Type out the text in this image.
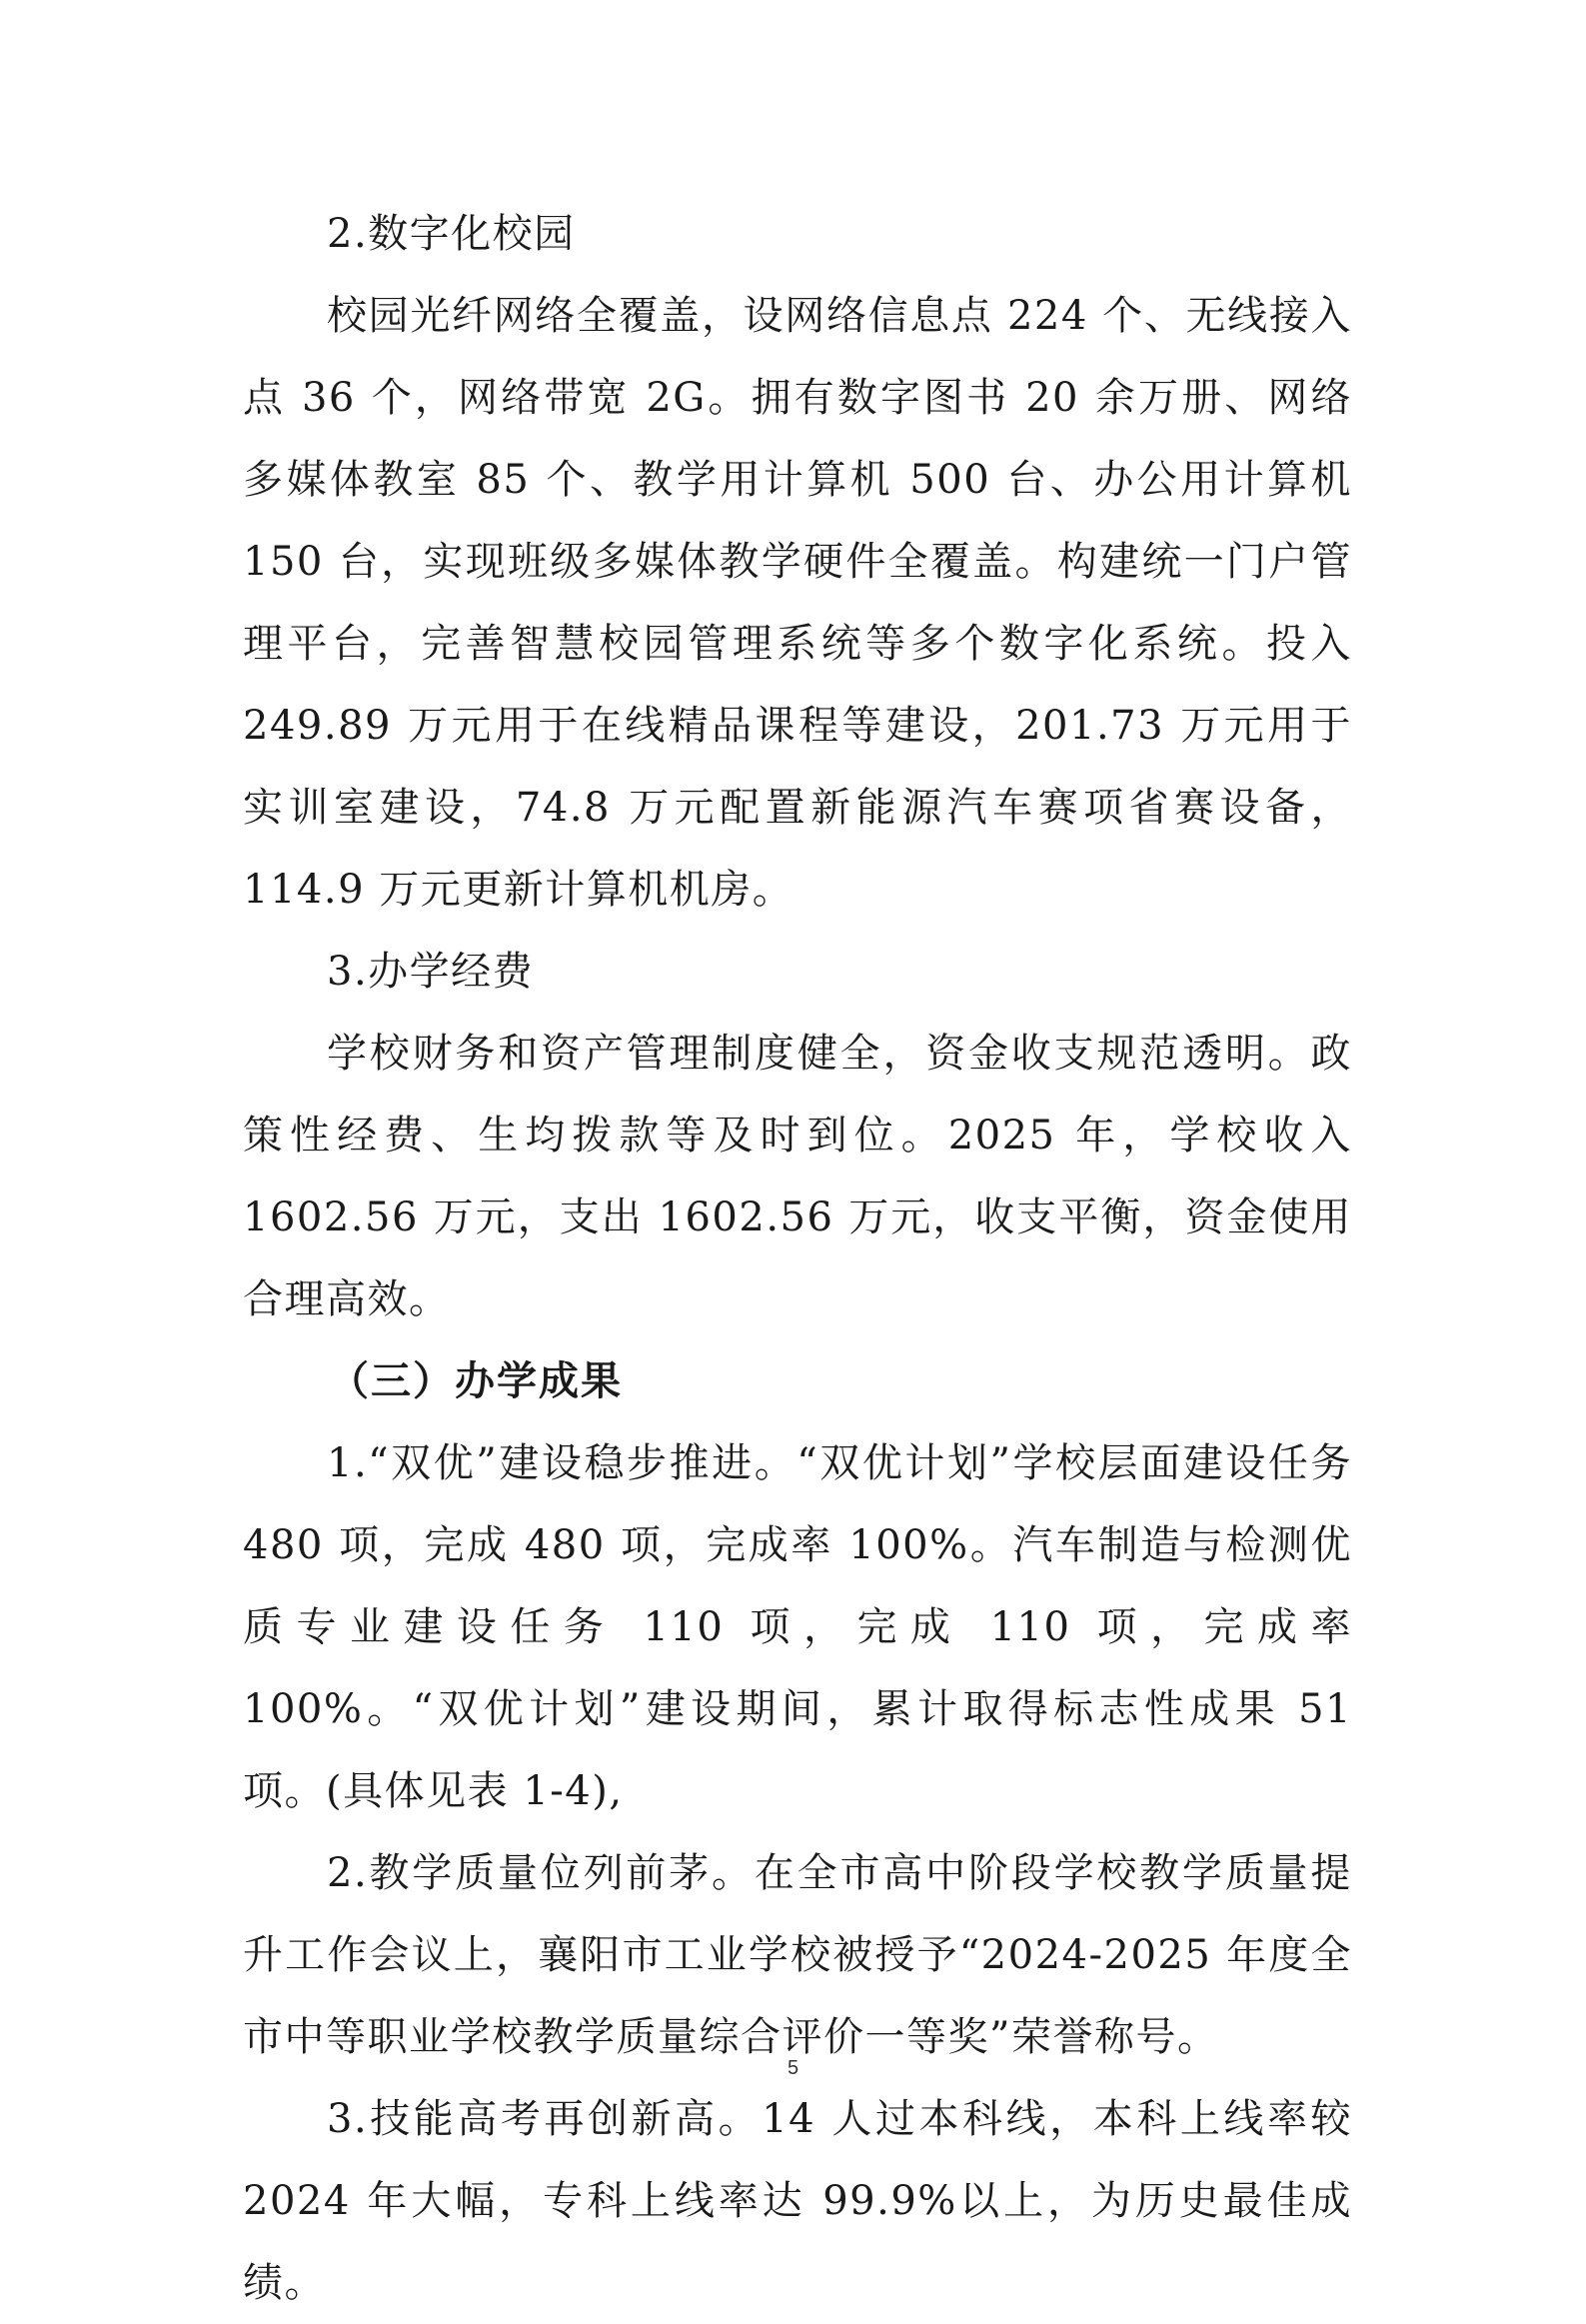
2.数字化校园

校园光纤网络全覆盖，设网络信息点 224 个、无线接入点 36 个，网络带宽 2G。拥有数字图书 20 余万册、网络多媒体教室 85 个、教学用计算机 500 台、办公用计算机 150 台，实现班级多媒体教学硬件全覆盖。构建统一门户管理平台，完善智慧校园管理系统等多个数字化系统。投入 249.89 万元用于在线精品课程等建设，201.73 万元用于实训室建设，74.8 万元配置新能源汽车赛项省赛设备，114.9 万元更新计算机机房。

3.办学经费

学校财务和资产管理制度健全，资金收支规范透明。政策性经费、生均拨款等及时到位。2025 年，学校收入 1602.56 万元，支出 1602.56 万元，收支平衡，资金使用合理高效。

（三）办学成果

1.“双优”建设稳步推进。“双优计划”学校层面建设任务 480 项，完成 480 项，完成率 100%。汽车制造与检测优质专业建设任务 110 项，完成 110 项，完成率 100%。“双优计划”建设期间，累计取得标志性成果 51 项。(具体见表 1-4),

2.教学质量位列前茅。在全市高中阶段学校教学质量提升工作会议上，襄阳市工业学校被授予“2024-2025 年度全市中等职业学校教学质量综合评价一等奖”荣誉称号。

3.技能高考再创新高。14 人过本科线，本科上线率较 2024 年大幅，专科上线率达 99.9%以上，为历史最佳成绩。

5
